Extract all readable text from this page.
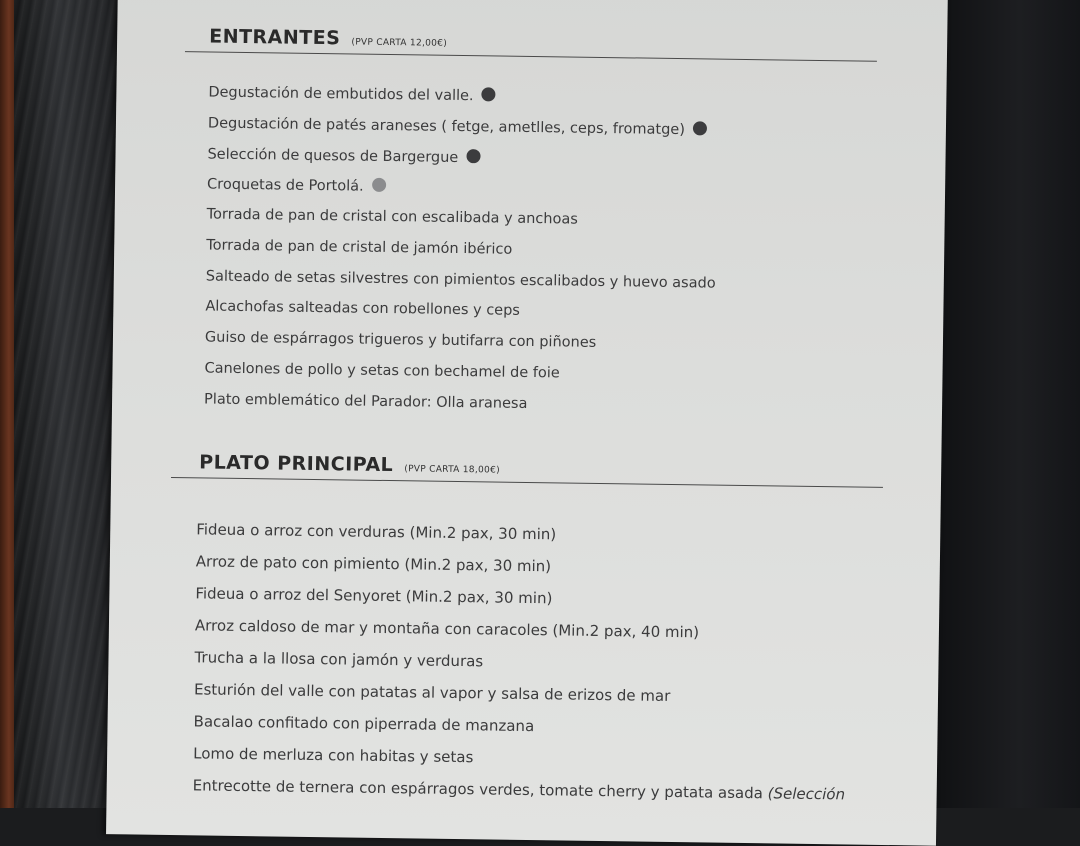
ENTRANTES (PVP CARTA 12,00€)
Degustación de embutidos del valle.
Degustación de patés araneses ( fetge, ametlles, ceps, fromatge)
Selección de quesos de Bargergue
Croquetas de Portolá.
Torrada de pan de cristal con escalibada y anchoas
Torrada de pan de cristal de jamón ibérico
Salteado de setas silvestres con pimientos escalibados y huevo asado
Alcachofas salteadas con robellones y ceps
Guiso de espárragos trigueros y butifarra con piñones
Canelones de pollo y setas con bechamel de foie
Plato emblemático del Parador: Olla aranesa
PLATO PRINCIPAL (PVP CARTA 18,00€)
Fideua o arroz con verduras (Min.2 pax, 30 min)
Arroz de pato con pimiento (Min.2 pax, 30 min)
Fideua o arroz del Senyoret (Min.2 pax, 30 min)
Arroz caldoso de mar y montaña con caracoles (Min.2 pax, 40 min)
Trucha a la llosa con jamón y verduras
Esturión del valle con patatas al vapor y salsa de erizos de mar
Bacalao confitado con piperrada de manzana
Lomo de merluza con habitas y setas
Entrecotte de ternera con espárragos verdes, tomate cherry y patata asada (Selección
